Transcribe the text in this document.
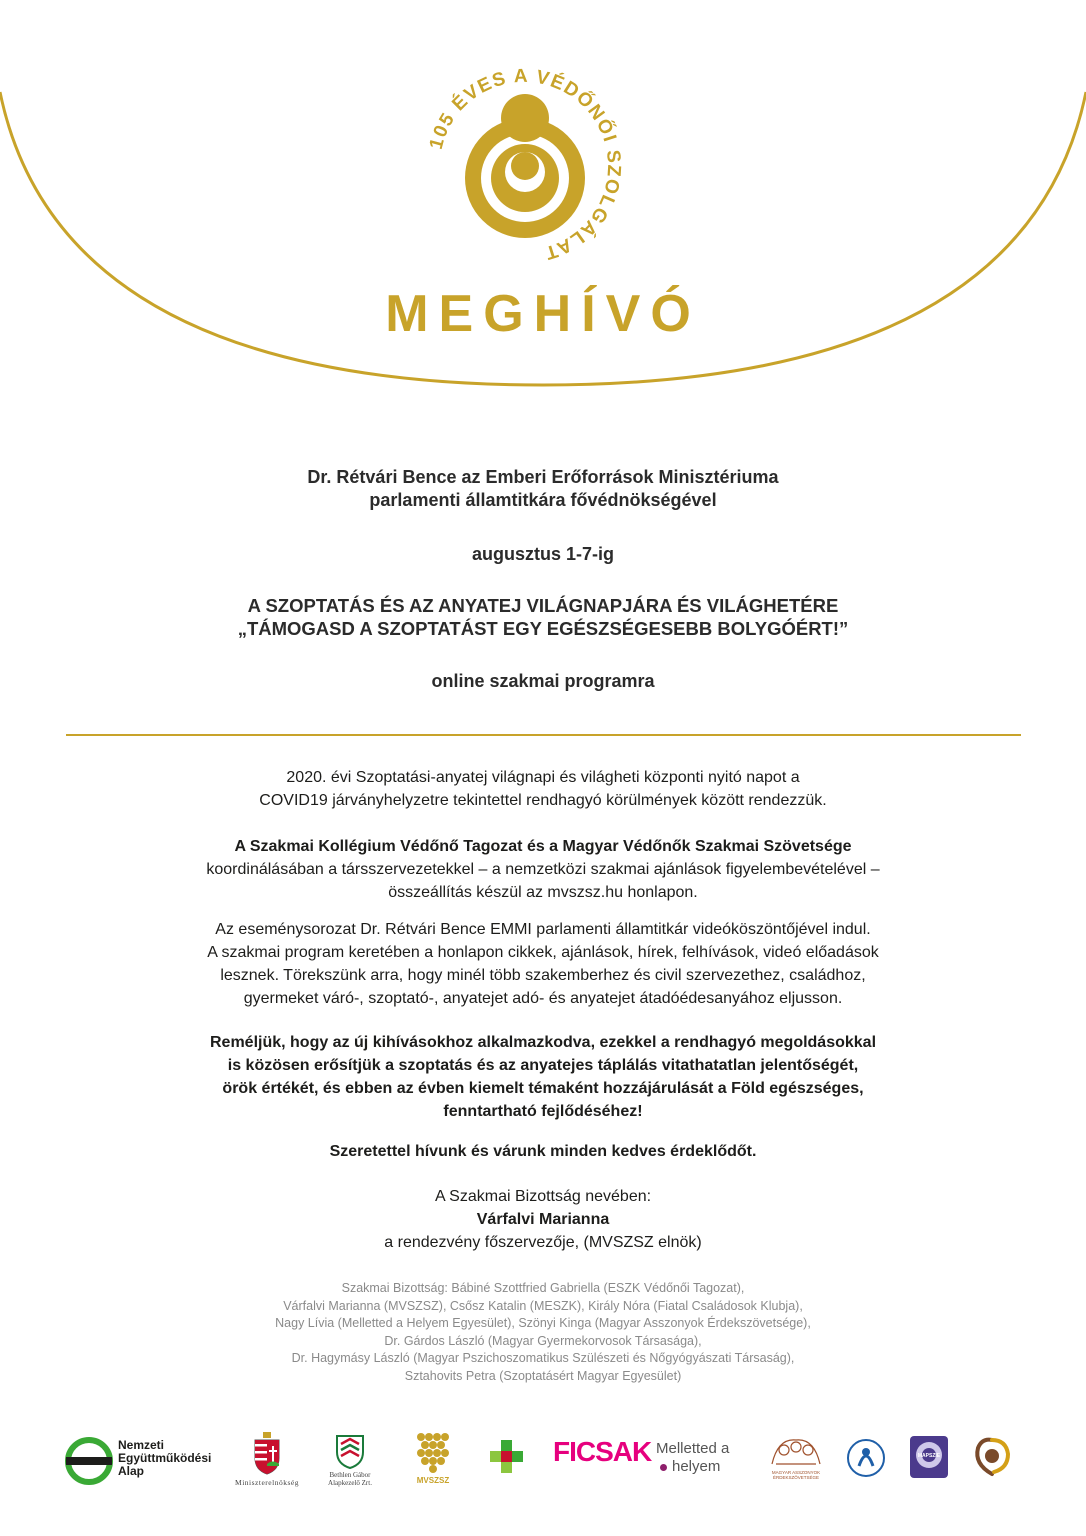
105 ÉVES A VÉDŐNŐI SZOLGÁLAT
MEGHÍVÓ
Dr. Rétvári Bence az Emberi Erőforrások Minisztériuma
parlamenti államtitkára fővédnökségével
augusztus 1-7-ig
A SZOPTATÁS ÉS AZ ANYATEJ VILÁGNAPJÁRA ÉS VILÁGHETÉRE
„TÁMOGASD A SZOPTATÁST EGY EGÉSZSÉGESEBB BOLYGÓÉRT!”
online szakmai programra
2020. évi Szoptatási-anyatej világnapi és világheti központi nyitó napot a
COVID19 járványhelyzetre tekintettel rendhagyó körülmények között rendezzük.
A Szakmai Kollégium Védőnő Tagozat és a Magyar Védőnők Szakmai Szövetsége
koordinálásában a társszervezetekkel – a nemzetközi szakmai ajánlások figyelembevételével –
összeállítás készül az mvszsz.hu honlapon.
Az eseménysorozat Dr. Rétvári Bence EMMI parlamenti államtitkár videóköszöntőjével indul.
A szakmai program keretében a honlapon cikkek, ajánlások, hírek, felhívások, videó előadások
lesznek. Törekszünk arra, hogy minél több szakemberhez és civil szervezethez, családhoz,
gyermeket váró-, szoptató-, anyatejet adó- és anyatejet átadóédesanyához eljusson.
Reméljük, hogy az új kihívásokhoz alkalmazkodva, ezekkel a rendhagyó megoldásokkal
is közösen erősítjük a szoptatás és az anyatejes táplálás vitathatatlan jelentőségét,
örök értékét, és ebben az évben kiemelt témaként hozzájárulását a Föld egészséges,
fenntartható fejlődéséhez!
Szeretettel hívunk és várunk minden kedves érdeklődőt.
A Szakmai Bizottság nevében:
Várfalvi Marianna
a rendezvény főszervezője, (MVSZSZ elnök)
Szakmai Bizottság: Bábiné Szottfried Gabriella (ESZK Védőnői Tagozat),
Várfalvi Marianna (MVSZSZ), Csősz Katalin (MESZK), Király Nóra (Fiatal Családosok Klubja),
Nagy Lívia (Melletted a Helyem Egyesület), Szönyi Kinga (Magyar Asszonyok Érdekszövetsége),
Dr. Gárdos László (Magyar Gyermekorvosok Társasága),
Dr. Hagymásy László (Magyar Pszichoszomatikus Szülészeti és Nőgyógyászati Társaság),
Sztahovits Petra (Szoptatásért Magyar Egyesület)
Nemzeti
Együttműködési
Alap
Miniszterelnökség
Bethlen Gábor
Alapkezelő Zrt.	MVSZSZ
FICSAK Melletted a
helyem	MAGYAR ASSZONYOK ÉRDEKSZÖVETSÉGE
MAPSZIE
